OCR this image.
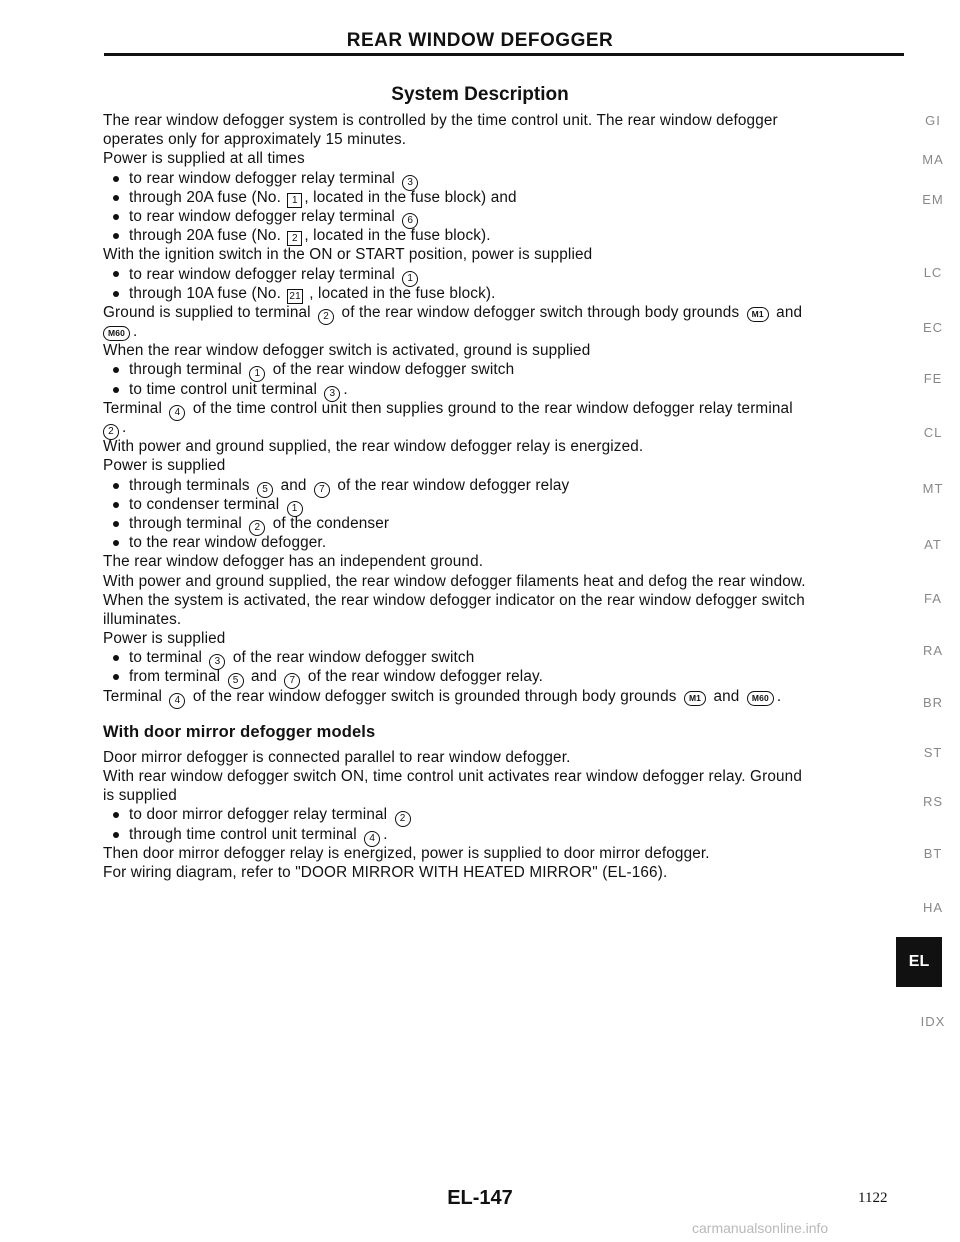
REAR WINDOW DEFOGGER
System Description
The rear window defogger system is controlled by the time control unit. The rear window defogger
operates only for approximately 15 minutes.
Power is supplied at all times
to rear window defogger relay terminal 3
through 20A fuse (No. 1 , located in the fuse block) and
to rear window defogger relay terminal 6
through 20A fuse (No. 2 , located in the fuse block).
With the ignition switch in the ON or START position, power is supplied
to rear window defogger relay terminal 1
through 10A fuse (No. 21 , located in the fuse block).
Ground is supplied to terminal 2 of the rear window defogger switch through body grounds M1 and
M60 .
When the rear window defogger switch is activated, ground is supplied
through terminal 1 of the rear window defogger switch
to time control unit terminal 3 .
Terminal 4 of the time control unit then supplies ground to the rear window defogger relay terminal
2 .
With power and ground supplied, the rear window defogger relay is energized.
Power is supplied
through terminals 5 and 7 of the rear window defogger relay
to condenser terminal 1
through terminal 2 of the condenser
to the rear window defogger.
The rear window defogger has an independent ground.
With power and ground supplied, the rear window defogger filaments heat and defog the rear window.
When the system is activated, the rear window defogger indicator on the rear window defogger switch
illuminates.
Power is supplied
to terminal 3 of the rear window defogger switch
from terminal 5 and 7 of the rear window defogger relay.
Terminal 4 of the rear window defogger switch is grounded through body grounds M1 and M60 .
With door mirror defogger models
Door mirror defogger is connected parallel to rear window defogger.
With rear window defogger switch ON, time control unit activates rear window defogger relay. Ground
is supplied
to door mirror defogger relay terminal 2
through time control unit terminal 4 .
Then door mirror defogger relay is energized, power is supplied to door mirror defogger.
For wiring diagram, refer to "DOOR MIRROR WITH HEATED MIRROR" (EL-166).
GI
MA
EM
LC
EC
FE
CL
MT
AT
FA
RA
BR
ST
RS
BT
HA
EL
IDX
EL-147	1122
carmanualsonline.info
